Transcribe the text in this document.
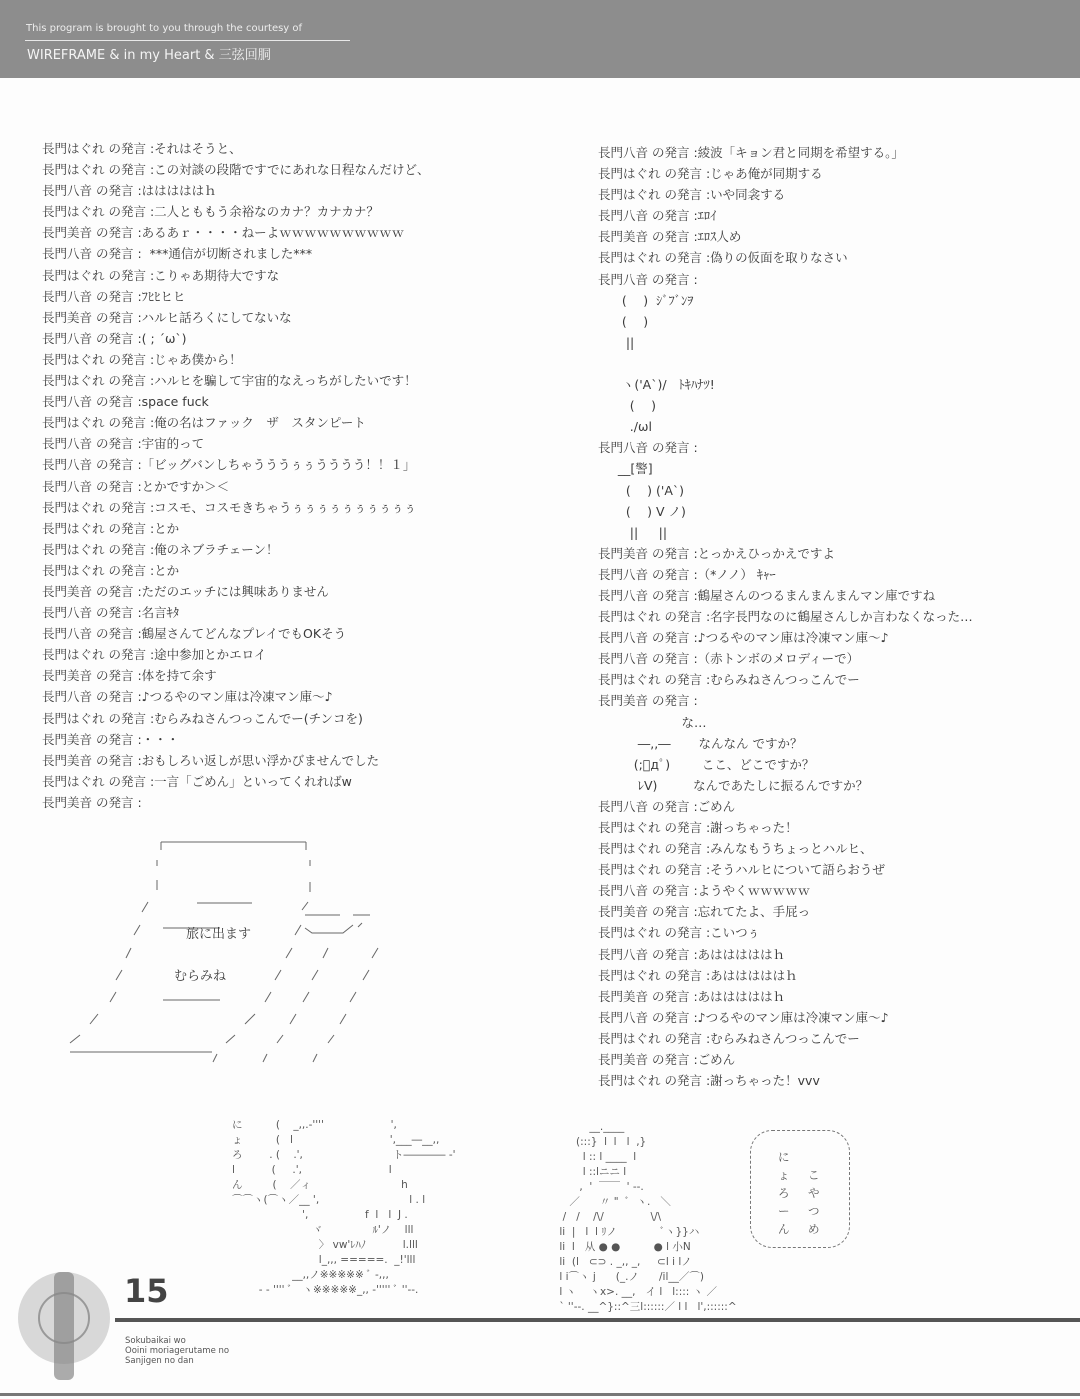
This program is brought to you through the courtesy of
WIREFRAME & in my Heart & 三弦回胴
長門はぐれ の発言 :それはそうと、
長門はぐれ の発言 :この対談の段階ですでにあれな日程なんだけど、
長門八音 の発言 :はははははｈ
長門はぐれ の発言 :二人とももう余裕なのカナ？カナカナ？
長門美音 の発言 :あるあｒ・・・・ねーよｗｗｗｗｗｗｗｗｗｗ
長門八音 の発言 :  ***通信が切断されました***
長門はぐれ の発言 :こりゃあ期待大ですな
長門八音 の発言 :ﾌﾋﾋヒヒ
長門美音 の発言 :ハルヒ話ろくにしてないな
長門八音 の発言 :( ; ´ω`)
長門はぐれ の発言 :じゃあ僕から！
長門はぐれ の発言 :ハルヒを騙して宇宙的なえっちがしたいです！
長門八音 の発言 :space fuck
長門はぐれ の発言 :俺の名はファック　ザ　スタンピート
長門八音 の発言 :宇宙的って
長門八音 の発言 :「ビッグバンしちゃうううぅぅうううう！！１」
長門八音 の発言 :とかですか＞＜
長門はぐれ の発言 :コスモ、コスモきちゃうぅぅぅぅぅぅぅぅぅぅ
長門はぐれ の発言 :とか
長門はぐれ の発言 :俺のネブラチェーン！
長門はぐれ の発言 :とか
長門美音 の発言 :ただのエッチには興味ありません
長門八音 の発言 :名言ｷﾀ
長門八音 の発言 :鶴屋さんてどんなプレイでもOKそう
長門はぐれ の発言 :途中参加とかエロイ
長門美音 の発言 :体を持て余す
長門八音 の発言 :♪つるやのマン庫は冷凍マン庫～♪
長門はぐれ の発言 :むらみねさんつっこんでー(チンコを)
長門美音 の発言 :・・・
長門美音 の発言 :おもしろい返しが思い浮かびませんでした
長門はぐれ の発言 :一言「ごめん」といってくれればw
長門美音 の発言 :
旅に出ます
むらみね
長門八音 の発言 :綾波「キョン君と同期を希望する。」
長門はぐれ の発言 :じゃあ俺が同期する
長門はぐれ の発言 :いや同衾する
長門八音 の発言 :ｴﾛｲ
長門美音 の発言 :ｴﾛｽ人め
長門はぐれ の発言 :偽りの仮面を取りなさい
長門八音 の発言 :
(　 )  ｼﾞﾌﾞﾝｦ
(　 )
||
ヽ('A`)/   ﾄｷﾊﾅﾂ!
(　 )
./ωl
長門八音 の発言 :
__[警]
(　 ) ('A`)
(　 ) V ノ)
||　  ||
長門美音 の発言 :とっかえひっかえですよ
長門八音 の発言 :（*ノノ） ｷｬｰ
長門八音 の発言 :鶴屋さんのつるまんまんまんマン庫ですね
長門はぐれ の発言 :名字長門なのに鶴屋さんしか言わなくなった…
長門八音 の発言 :♪つるやのマン庫は冷凍マン庫～♪
長門八音 の発言 :（赤トンボのメロディーで）
長門はぐれ の発言 :むらみねさんつっこんでー
長門美音 の発言 :
な…
―,,―       なんなん ですか？
(;ﾟдﾟ)        ここ、どこですか？
ﾚV)         なんであたしに振るんですか？
長門八音 の発言 :ごめん
長門はぐれ の発言 :謝っちゃった！
長門はぐれ の発言 :みんなもうちょっとハルヒ、
長門はぐれ の発言 :そうハルヒについて語らおうぜ
長門八音 の発言 :ようやくｗｗｗｗｗ
長門美音 の発言 :忘れてたよ、手屁っ
長門はぐれ の発言 :こいつぅ
長門八音 の発言 :あはははははｈ
長門はぐれ の発言 :あはははははｈ
長門美音 の発言 :あはははははｈ
長門八音 の発言 :♪つるやのマン庫は冷凍マン庫～♪
長門はぐれ の発言 :むらみねさんつっこんでー
長門美音 の発言 :ごめん
長門はぐれ の発言 :謝っちゃった！vvv
に          (    _,,.-''''                    ',
ょ          (   l                             ',___―__,,
ろ        . (    .',                           ト―――― -'
l           (     .',                          l
ん         (    ／ィ                           h
⌒⌒ヽ(⌒ヽ／__ ',                           l . l
',                 f  l   l  J .
ヾ               ﾙ'ノ    lll
〉 vw'ﾚﾊﾉ           l.lll
l_,,, =====.  _!'lll
__,,ノ※※※※※ ﾞ -,,,
- - '''' ﾞ   ヽ※※※※※_,, -''''' ﾞ ''--.
__.____
(:::}  l  l   l  ,}
l :: l ____  l
l ::lニニ l
,  '  ￣￣  ' --.
／      〃 "  ﾞ  ヽ.   ＼
/   /    /\/              \/\
li  |   l  l ﾘノ             ﾞヽ}}ハ
li  l   从 ● ●          ● l 小N
li  (l   ⊂⊃ . _,, _,     ⊂l i lノ
l i⌒ヽ j      (_.ノ      /il__／⌒)
l ヽ    ヽx>. __,   イ l   l:::: ヽ ／
` ''--. __^}::^三l::::::／ l l   l',::::::^
にょろーん
こやつめ
15
Sokubaikai wo
Ooini moriagerutame no
Sanjigen no dan
